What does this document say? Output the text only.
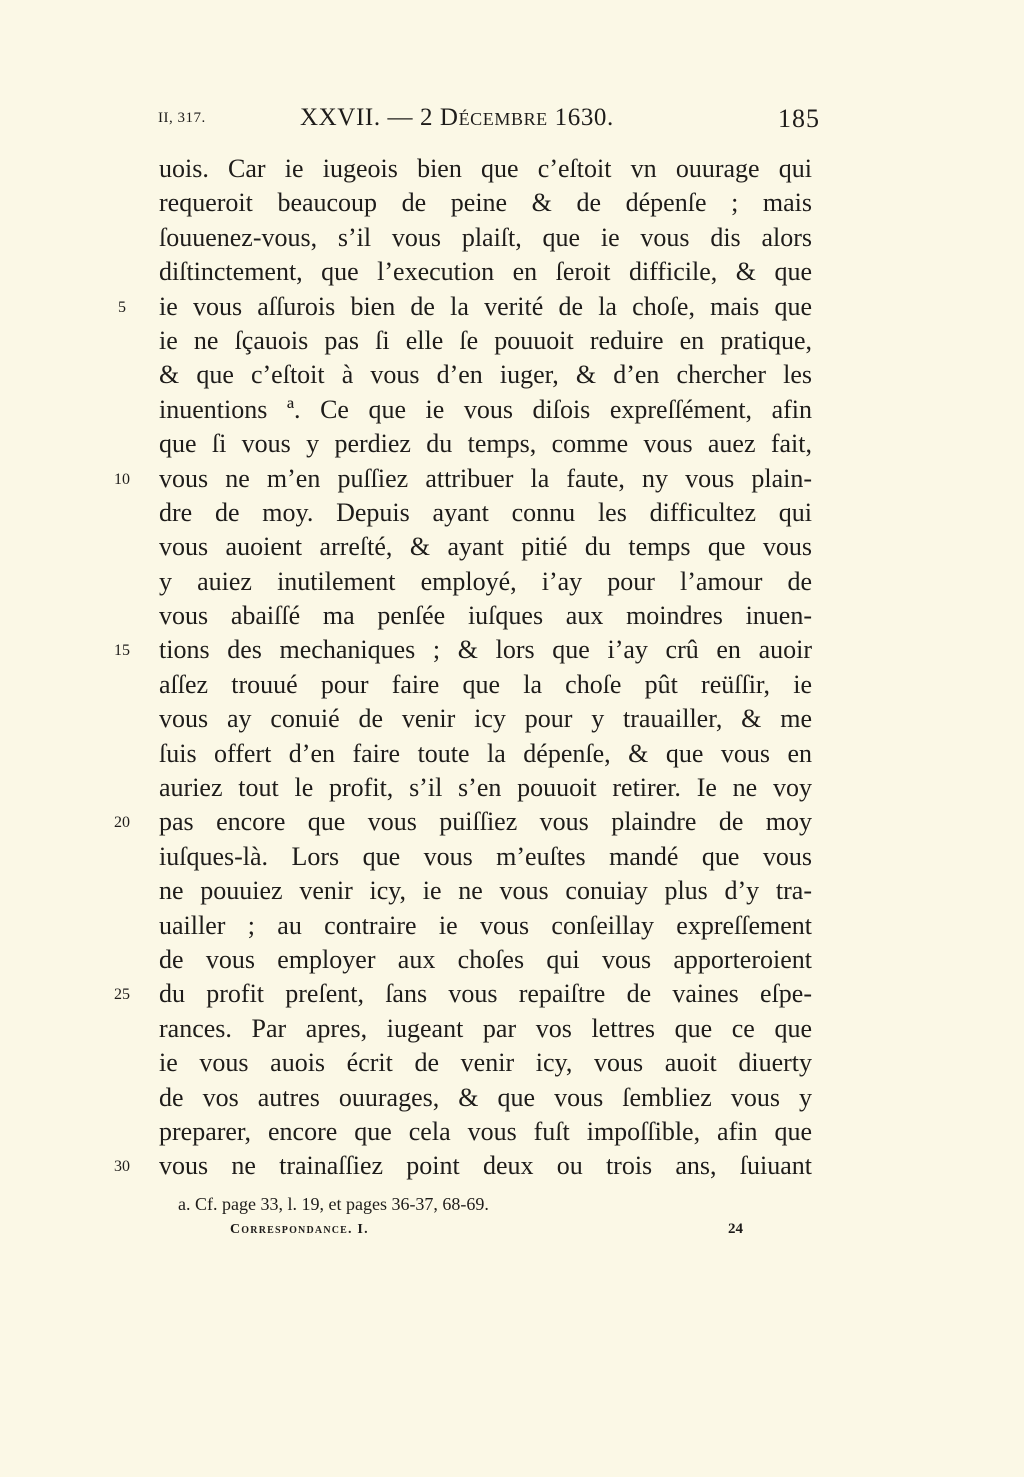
II, 317.	XXVII. — 2 Décembre 1630.	185
uois. Car ie iugeois bien que c’eſtoit vn ouurage qui
requeroit beaucoup de peine & de dépenſe ; mais
ſouuenez-vous, s’il vous plaiſt, que ie vous dis alors
diſtinctement, que l’execution en ſeroit difficile, & que
5	ie vous aſſurois bien de la verité de la choſe, mais que
ie ne ſçauois pas ſi elle ſe pouuoit reduire en pratique,
& que c’eſtoit à vous d’en iuger, & d’en chercher les
inuentions ª. Ce que ie vous diſois expreſſément, afin
que ſi vous y perdiez du temps, comme vous auez fait,
10 vous ne m’en puſſiez attribuer la faute, ny vous plain-
dre de moy. Depuis ayant connu les difficultez qui
vous auoient arreſté, & ayant pitié du temps que vous
y auiez inutilement employé, i’ay pour l’amour de
vous abaiſſé ma penſée iuſques aux moindres inuen-
15 tions des mechaniques ; & lors que i’ay crû en auoir
aſſez trouué pour faire que la choſe pût reüſſir, ie
vous ay conuié de venir icy pour y trauailler, & me
ſuis offert d’en faire toute la dépenſe, & que vous en
auriez tout le profit, s’il s’en pouuoit retirer. Ie ne voy
20 pas encore que vous puiſſiez vous plaindre de moy
iuſques-là. Lors que vous m’euſtes mandé que vous
ne pouuiez venir icy, ie ne vous conuiay plus d’y tra-
uailler ; au contraire ie vous conſeillay expreſſement
de vous employer aux choſes qui vous apporteroient
25 du profit preſent, ſans vous repaiſtre de vaines eſpe-
rances. Par apres, iugeant par vos lettres que ce que
ie vous auois écrit de venir icy, vous auoit diuerty
de vos autres ouurages, & que vous ſembliez vous y
preparer, encore que cela vous fuſt impoſſible, afin que
30 vous ne trainaſſiez point deux ou trois ans, ſuiuant
a. Cf. page 33, l. 19, et pages 36-37, 68-69.
Correspondance. I.	24
